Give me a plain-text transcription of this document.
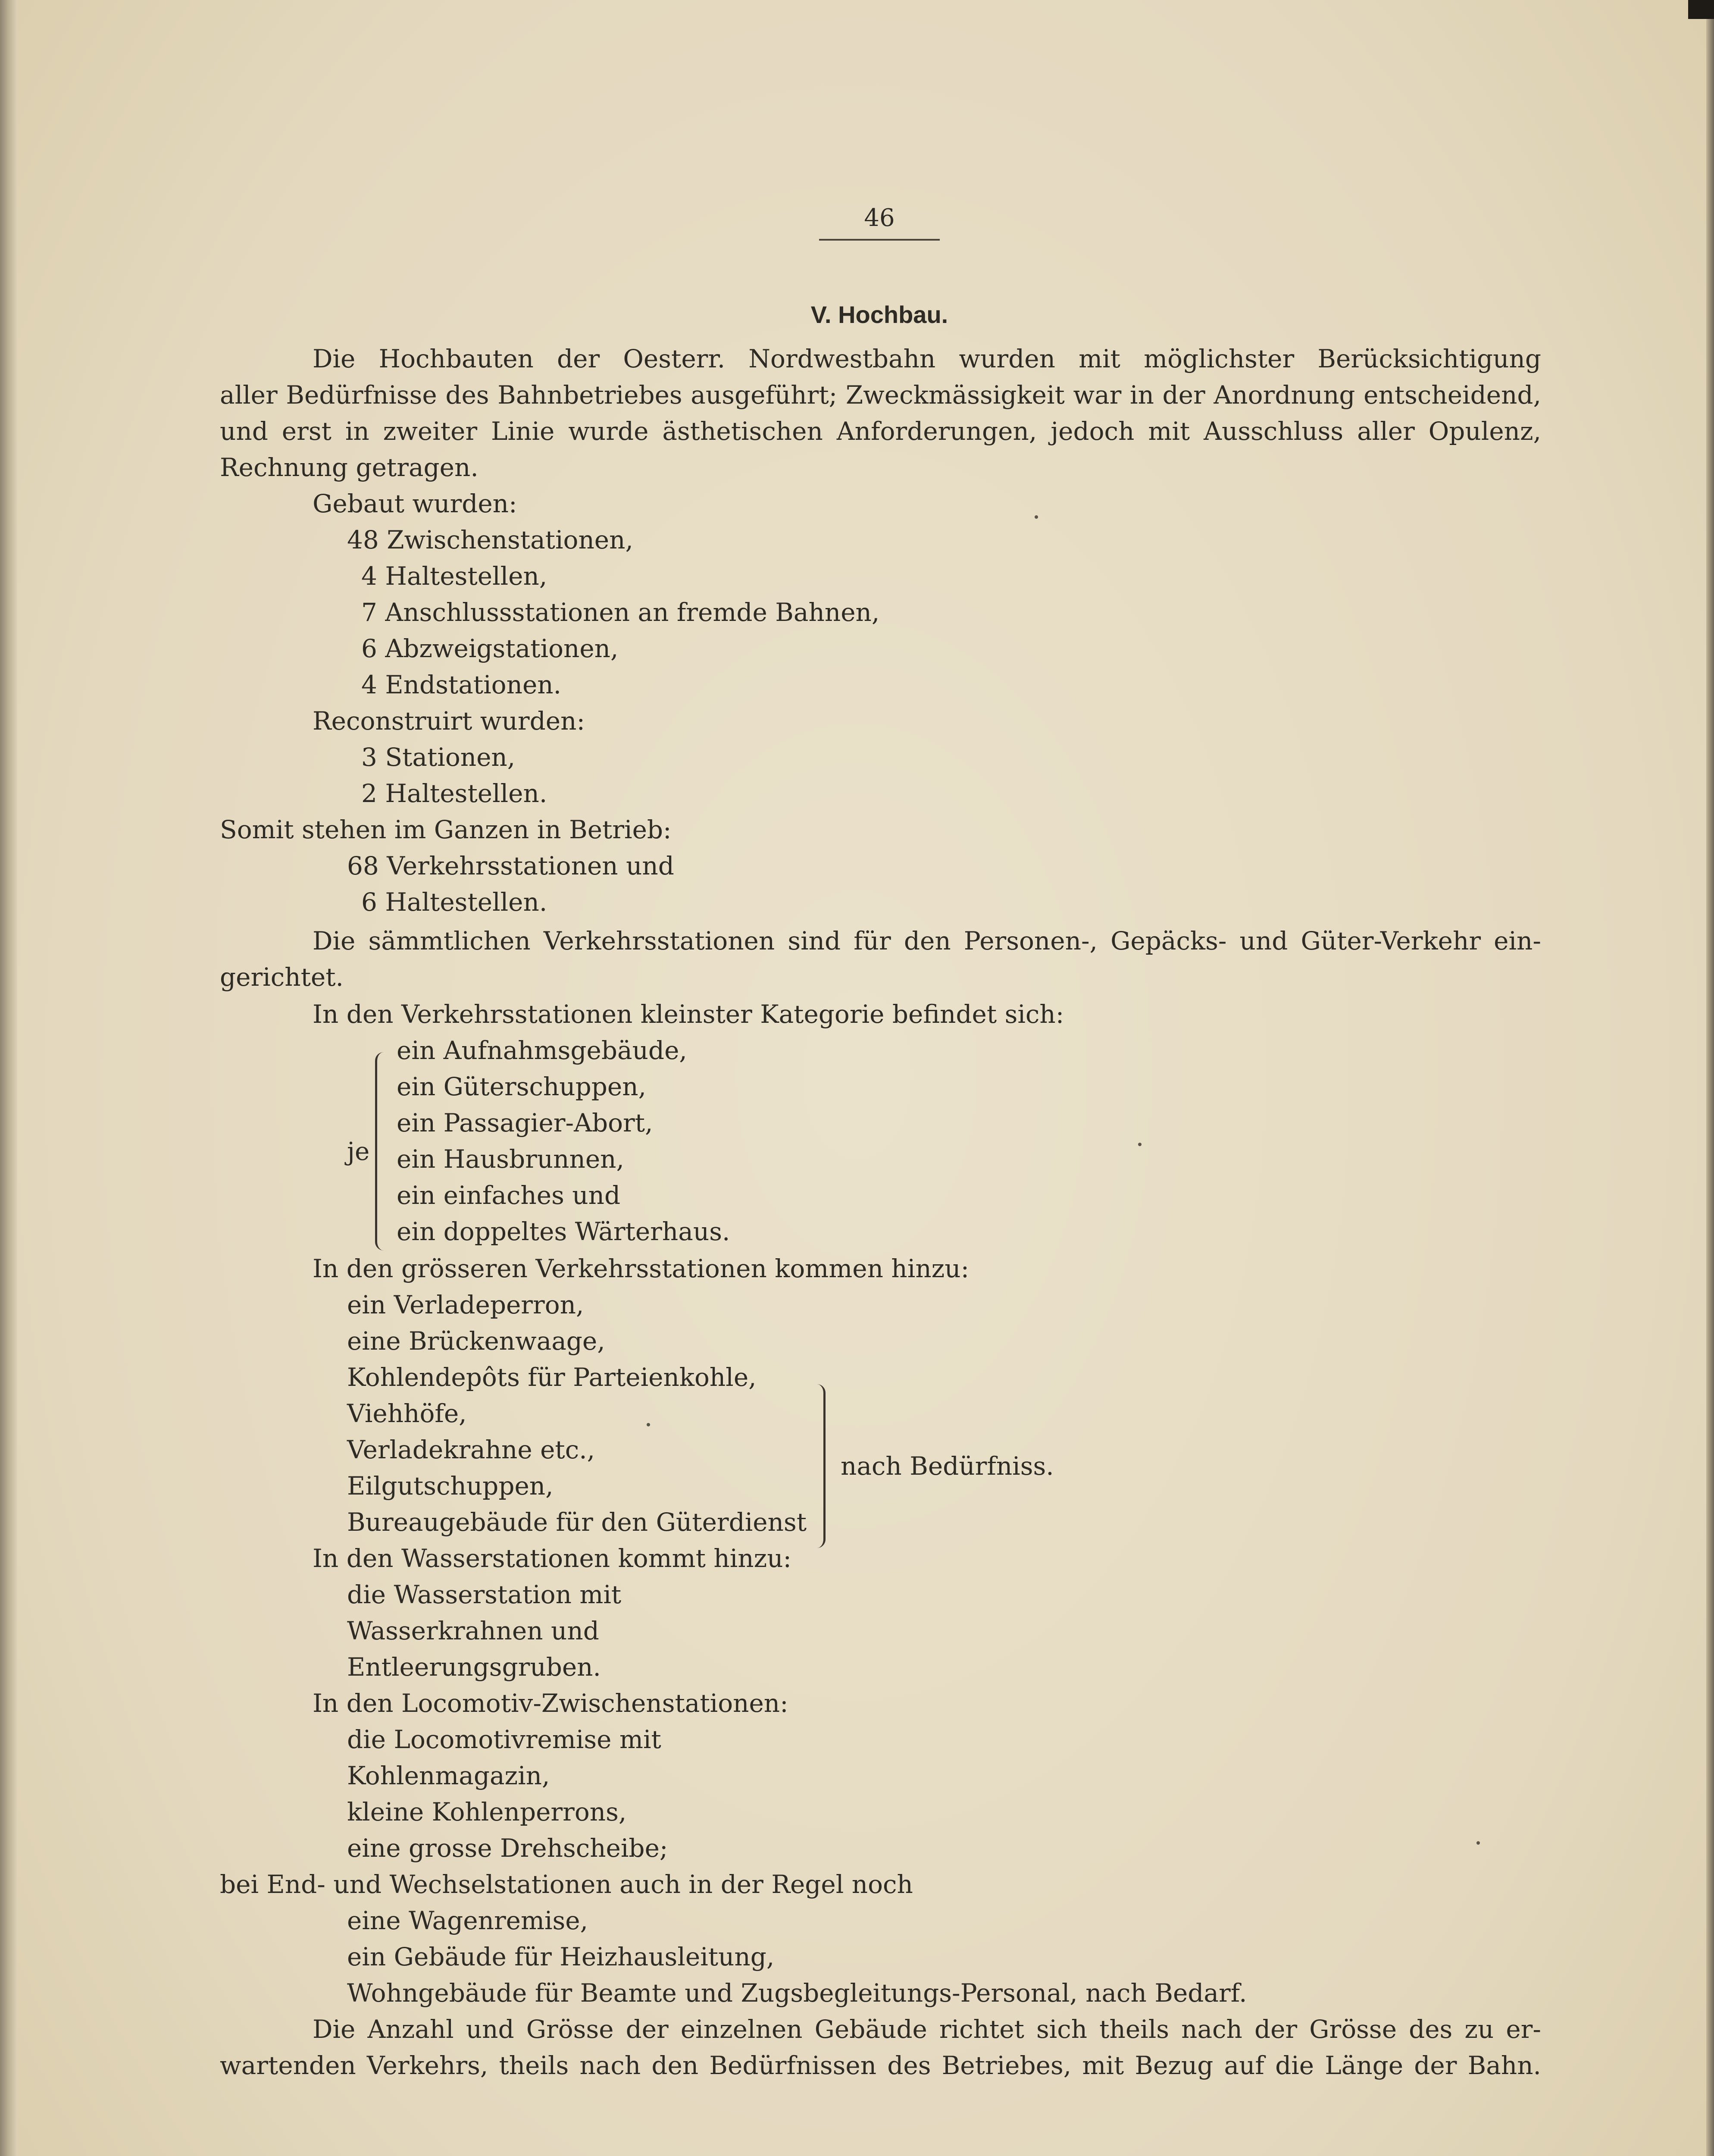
46
V. Hochbau.
Die Hochbauten der Oesterr. Nordwestbahn wurden mit möglichster Berücksichtigung
aller Bedürfnisse des Bahnbetriebes ausgeführt; Zweckmässigkeit war in der Anordnung entscheidend,
und erst in zweiter Linie wurde ästhetischen Anforderungen, jedoch mit Ausschluss aller Opulenz,
Rechnung getragen.
Gebaut wurden:
48 Zwischenstationen,
4 Haltestellen,
7 Anschlussstationen an fremde Bahnen,
6 Abzweigstationen,
4 Endstationen.
Reconstruirt wurden:
3 Stationen,
2 Haltestellen.
Somit stehen im Ganzen in Betrieb:
68 Verkehrsstationen und
6 Haltestellen.
Die sämmtlichen Verkehrsstationen sind für den Personen-, Gepäcks- und Güter-Verkehr ein-
gerichtet.
In den Verkehrsstationen kleinster Kategorie befindet sich:
je
ein Aufnahmsgebäude,
ein Güterschuppen,
ein Passagier-Abort,
ein Hausbrunnen,
ein einfaches und
ein doppeltes Wärterhaus.
In den grösseren Verkehrsstationen kommen hinzu:
ein Verladeperron,
eine Brückenwaage,
Kohlendepôts für Parteienkohle,
Viehhöfe,
Verladekrahne etc.,
Eilgutschuppen,
Bureaugebäude für den Güterdienst
nach Bedürfniss.
In den Wasserstationen kommt hinzu:
die Wasserstation mit
Wasserkrahnen und
Entleerungsgruben.
In den Locomotiv-Zwischenstationen:
die Locomotivremise mit
Kohlenmagazin,
kleine Kohlenperrons,
eine grosse Drehscheibe;
bei End- und Wechselstationen auch in der Regel noch
eine Wagenremise,
ein Gebäude für Heizhausleitung,
Wohngebäude für Beamte und Zugsbegleitungs-Personal, nach Bedarf.
Die Anzahl und Grösse der einzelnen Gebäude richtet sich theils nach der Grösse des zu er-
wartenden Verkehrs, theils nach den Bedürfnissen des Betriebes, mit Bezug auf die Länge der Bahn.
